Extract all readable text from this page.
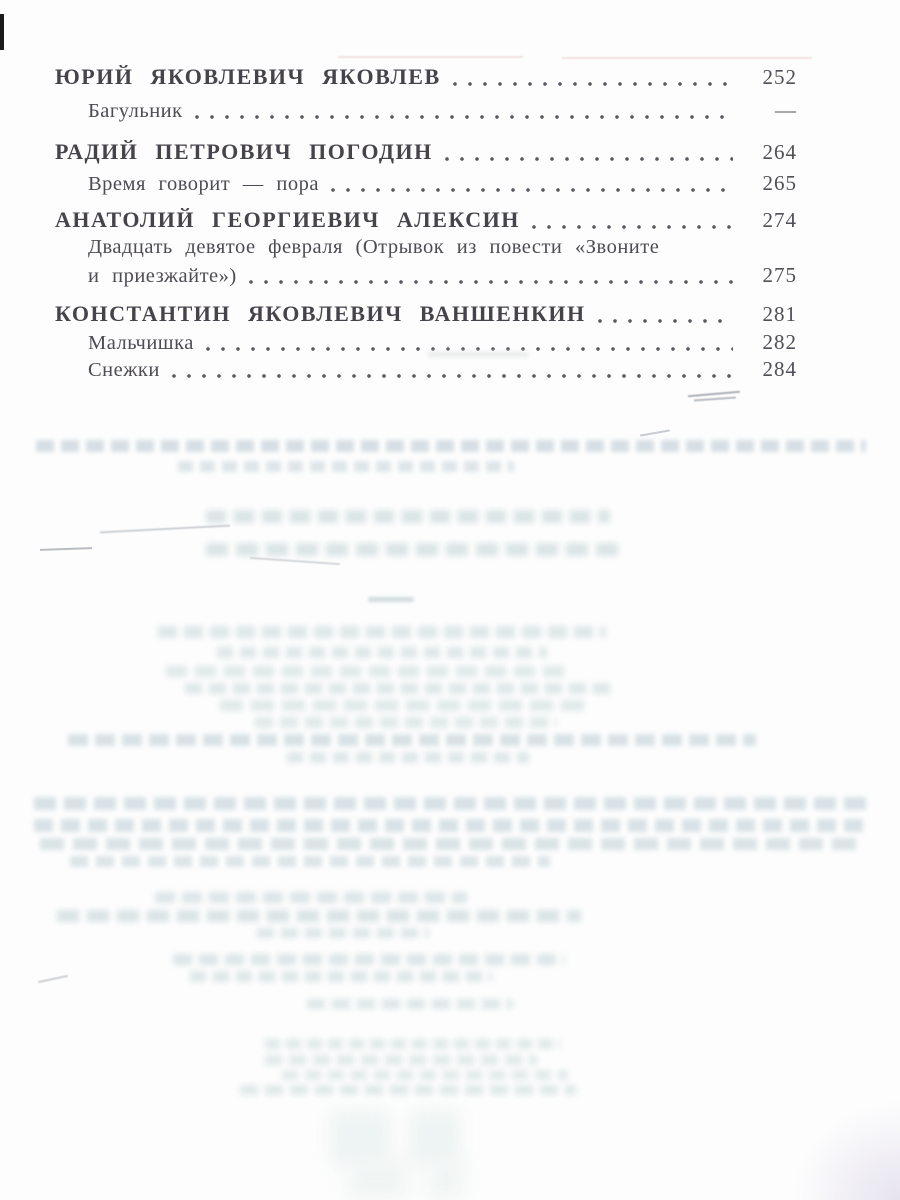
ЮРИЙ ЯКОВЛЕВИЧ ЯКОВЛЕВ	252
Багульник	—
РАДИЙ ПЕТРОВИЧ ПОГОДИН	264
Время говорит — пора	265
АНАТОЛИЙ ГЕОРГИЕВИЧ АЛЕКСИН	274
Двадцать девятое февраля (Отрывок из повести «Звоните
и приезжайте»)	275
КОНСТАНТИН ЯКОВЛЕВИЧ ВАНШЕНКИН	281
Мальчишка	282
Снежки	284
